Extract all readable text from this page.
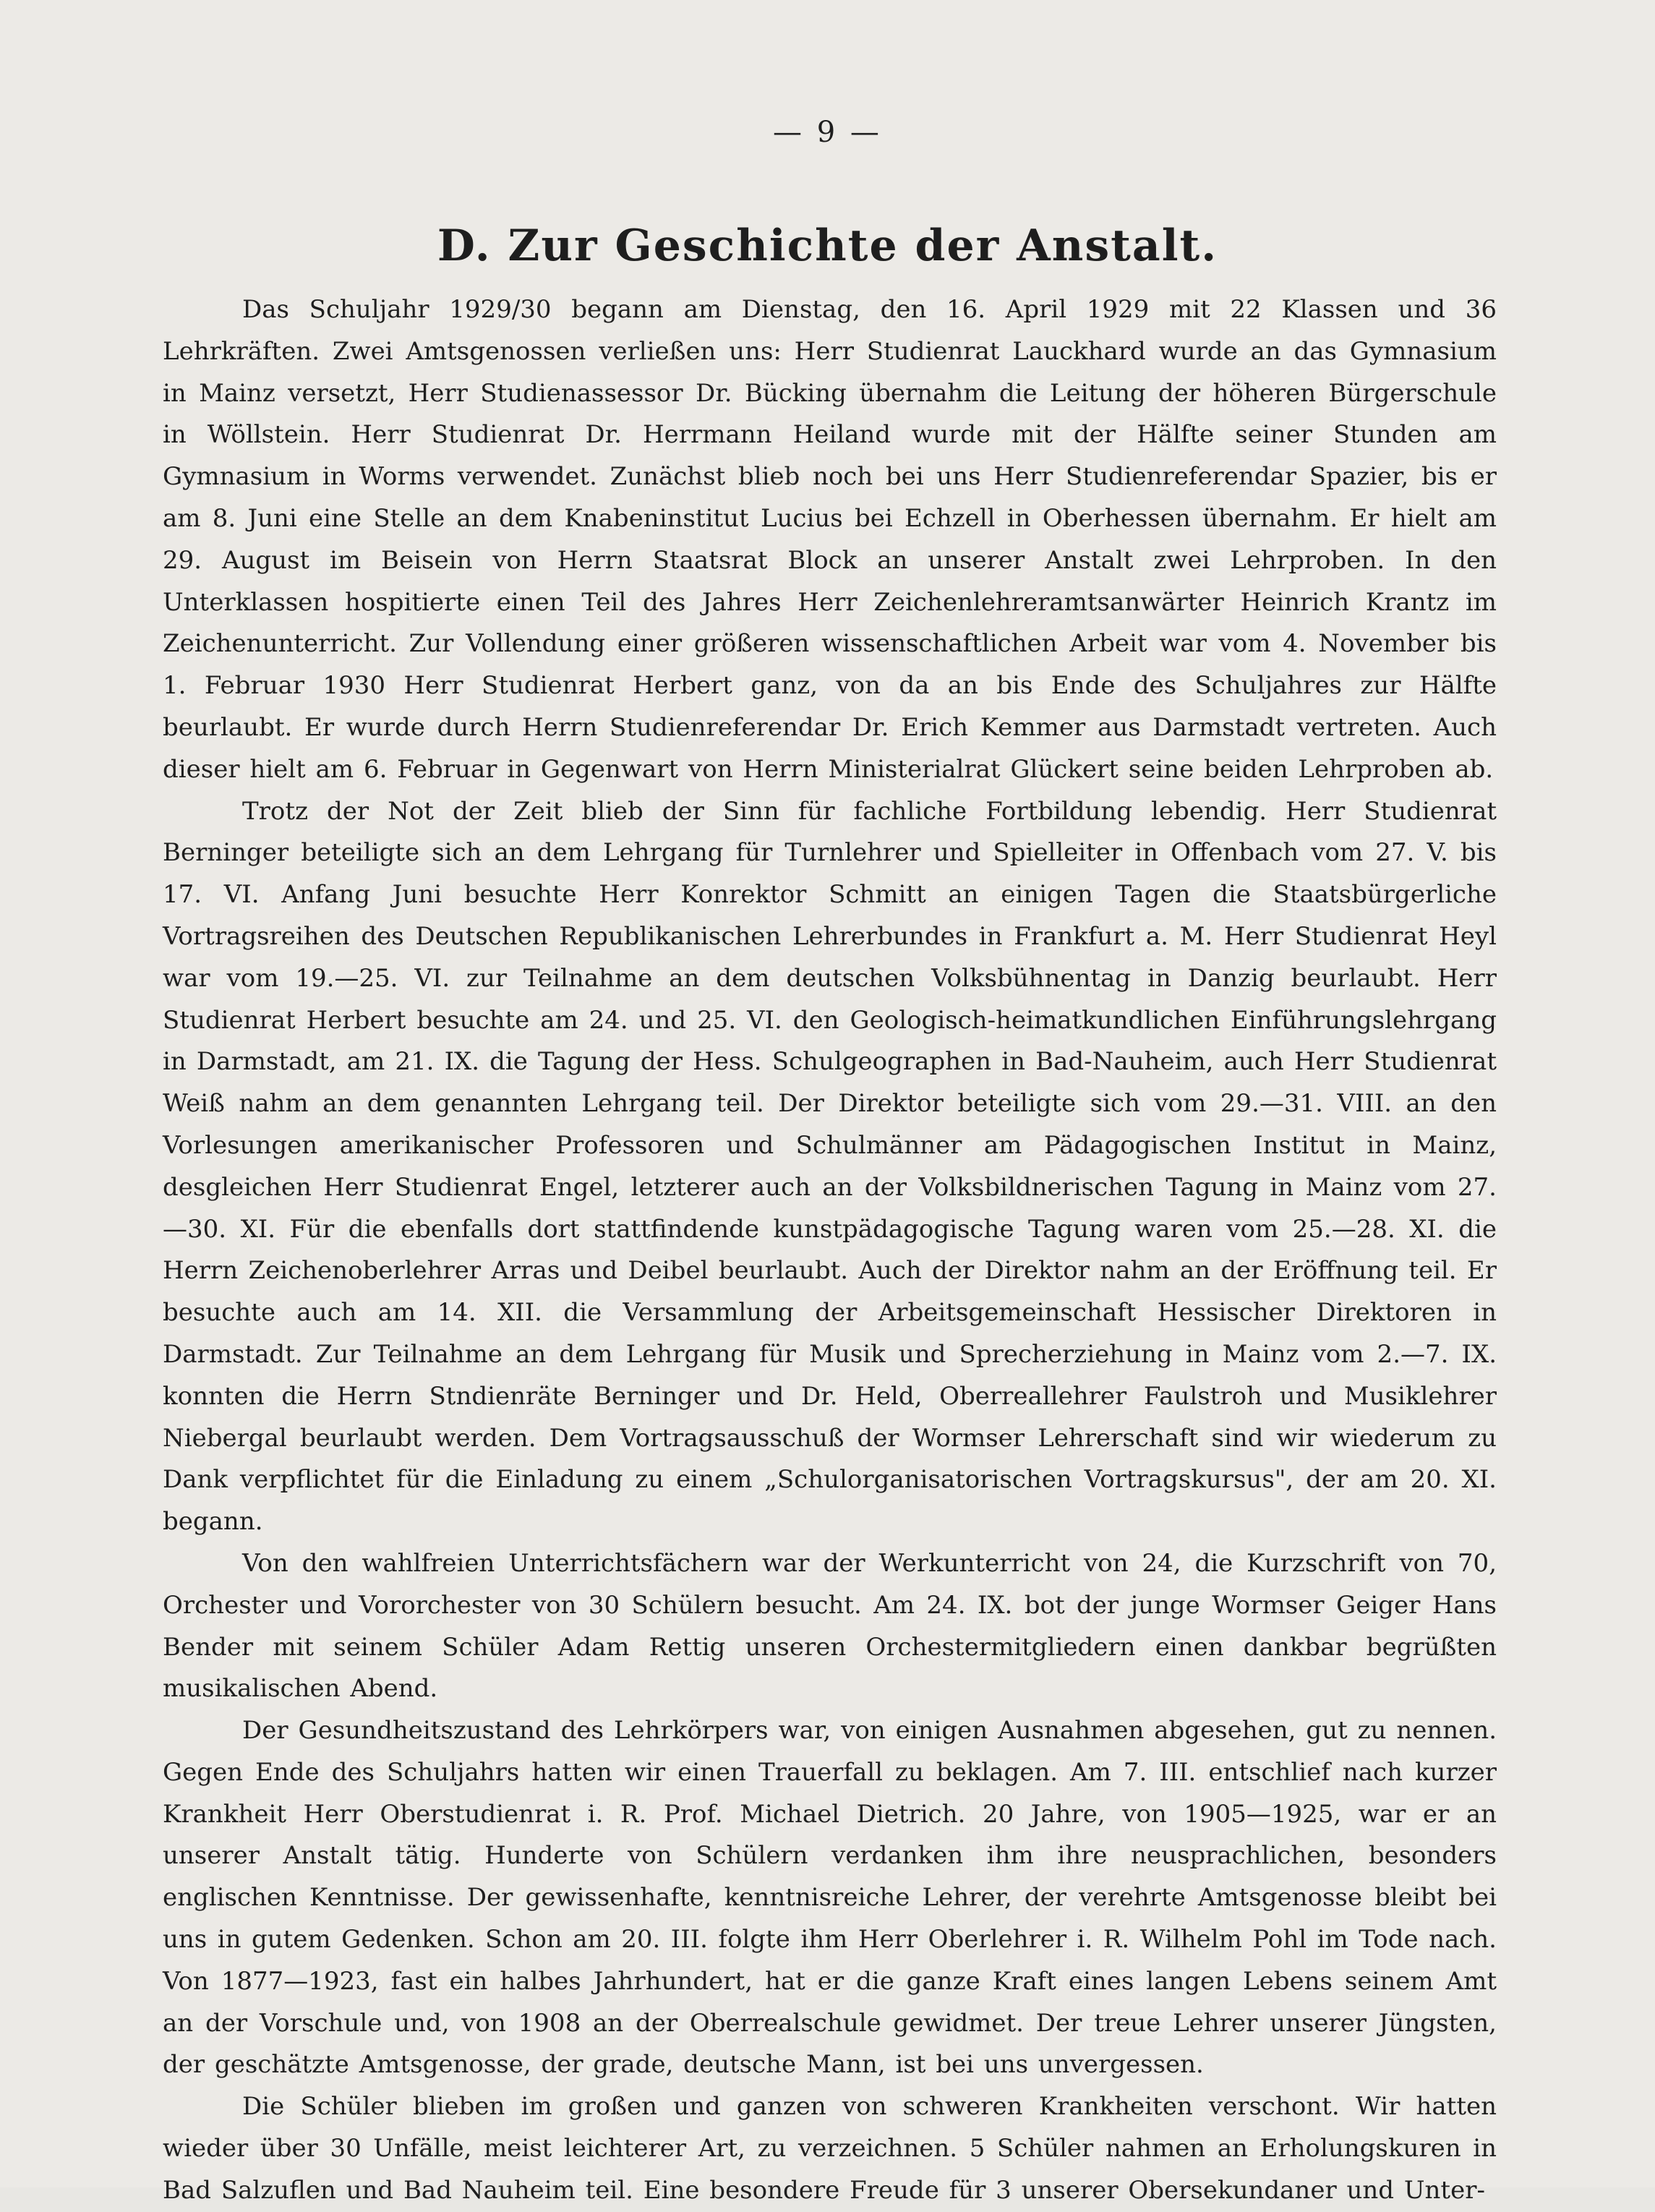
— 9 —
D. Zur Geschichte der Anstalt.

Das Schuljahr 1929/30 begann am Dienstag, den 16. April 1929 mit 22 Klassen und 36 Lehrkräften. Zwei Amtsgenossen verließen uns: Herr Studienrat Lauckhard wurde an das Gymnasium in Mainz versetzt, Herr Studienassessor Dr. Bücking übernahm die Leitung der höheren Bürgerschule in Wöllstein. Herr Studienrat Dr. Herrmann Heiland wurde mit der Hälfte seiner Stunden am Gymnasium in Worms verwendet. Zunächst blieb noch bei uns Herr Studienreferendar Spazier, bis er am 8. Juni eine Stelle an dem Knabeninstitut Lucius bei Echzell in Oberhessen übernahm. Er hielt am 29. August im Beisein von Herrn Staatsrat Block an unserer Anstalt zwei Lehrproben. In den Unterklassen hospitierte einen Teil des Jahres Herr Zeichenlehreramtsanwärter Heinrich Krantz im Zeichenunterricht. Zur Vollendung einer größeren wissenschaftlichen Arbeit war vom 4. November bis 1. Februar 1930 Herr Studienrat Herbert ganz, von da an bis Ende des Schuljahres zur Hälfte beurlaubt. Er wurde durch Herrn Studienreferendar Dr. Erich Kemmer aus Darmstadt vertreten. Auch dieser hielt am 6. Februar in Gegenwart von Herrn Ministerialrat Glückert seine beiden Lehrproben ab.

Trotz der Not der Zeit blieb der Sinn für fachliche Fortbildung lebendig. Herr Studienrat Berninger beteiligte sich an dem Lehrgang für Turnlehrer und Spielleiter in Offenbach vom 27. V. bis 17. VI. Anfang Juni besuchte Herr Konrektor Schmitt an einigen Tagen die Staatsbürgerliche Vortragsreihen des Deutschen Republikanischen Lehrerbundes in Frankfurt a. M. Herr Studienrat Heyl war vom 19.—25. VI. zur Teilnahme an dem deutschen Volksbühnentag in Danzig beurlaubt. Herr Studienrat Herbert besuchte am 24. und 25. VI. den Geologisch-heimatkundlichen Einführungslehrgang in Darmstadt, am 21. IX. die Tagung der Hess. Schulgeographen in Bad-Nauheim, auch Herr Studienrat Weiß nahm an dem genannten Lehrgang teil. Der Direktor beteiligte sich vom 29.—31. VIII. an den Vorlesungen amerikanischer Professoren und Schulmänner am Pädagogischen Institut in Mainz, desgleichen Herr Studienrat Engel, letzterer auch an der Volksbildnerischen Tagung in Mainz vom 27.—30. XI. Für die ebenfalls dort stattfindende kunstpädagogische Tagung waren vom 25.—28. XI. die Herrn Zeichenoberlehrer Arras und Deibel beurlaubt. Auch der Direktor nahm an der Eröffnung teil. Er besuchte auch am 14. XII. die Versammlung der Arbeitsgemeinschaft Hessischer Direktoren in Darmstadt. Zur Teilnahme an dem Lehrgang für Musik und Sprecherziehung in Mainz vom 2.—7. IX. konnten die Herrn Stndienräte Berninger und Dr. Held, Oberreallehrer Faulstroh und Musiklehrer Niebergal beurlaubt werden. Dem Vortragsausschuß der Wormser Lehrerschaft sind wir wiederum zu Dank verpflichtet für die Einladung zu einem „Schulorganisatorischen Vortragskursus", der am 20. XI. begann.

Von den wahlfreien Unterrichtsfächern war der Werkunterricht von 24, die Kurzschrift von 70, Orchester und Vororchester von 30 Schülern besucht. Am 24. IX. bot der junge Wormser Geiger Hans Bender mit seinem Schüler Adam Rettig unseren Orchestermitgliedern einen dankbar begrüßten musikalischen Abend.

Der Gesundheitszustand des Lehrkörpers war, von einigen Ausnahmen abgesehen, gut zu nennen. Gegen Ende des Schuljahrs hatten wir einen Trauerfall zu beklagen. Am 7. III. entschlief nach kurzer Krankheit Herr Oberstudienrat i. R. Prof. Michael Dietrich. 20 Jahre, von 1905—1925, war er an unserer Anstalt tätig. Hunderte von Schülern verdanken ihm ihre neusprachlichen, besonders englischen Kenntnisse. Der gewissenhafte, kenntnisreiche Lehrer, der verehrte Amtsgenosse bleibt bei uns in gutem Gedenken. Schon am 20. III. folgte ihm Herr Oberlehrer i. R. Wilhelm Pohl im Tode nach. Von 1877—1923, fast ein halbes Jahrhundert, hat er die ganze Kraft eines langen Lebens seinem Amt an der Vorschule und, von 1908 an der Oberrealschule gewidmet. Der treue Lehrer unserer Jüngsten, der geschätzte Amtsgenosse, der grade, deutsche Mann, ist bei uns unvergessen.

Die Schüler blieben im großen und ganzen von schweren Krankheiten verschont. Wir hatten wieder über 30 Unfälle, meist leichterer Art, zu verzeichnen. 5 Schüler nahmen an Erholungskuren in Bad Salzuflen und Bad Nauheim teil. Eine besondere Freude für 3 unserer Obersekundaner und Unter-
